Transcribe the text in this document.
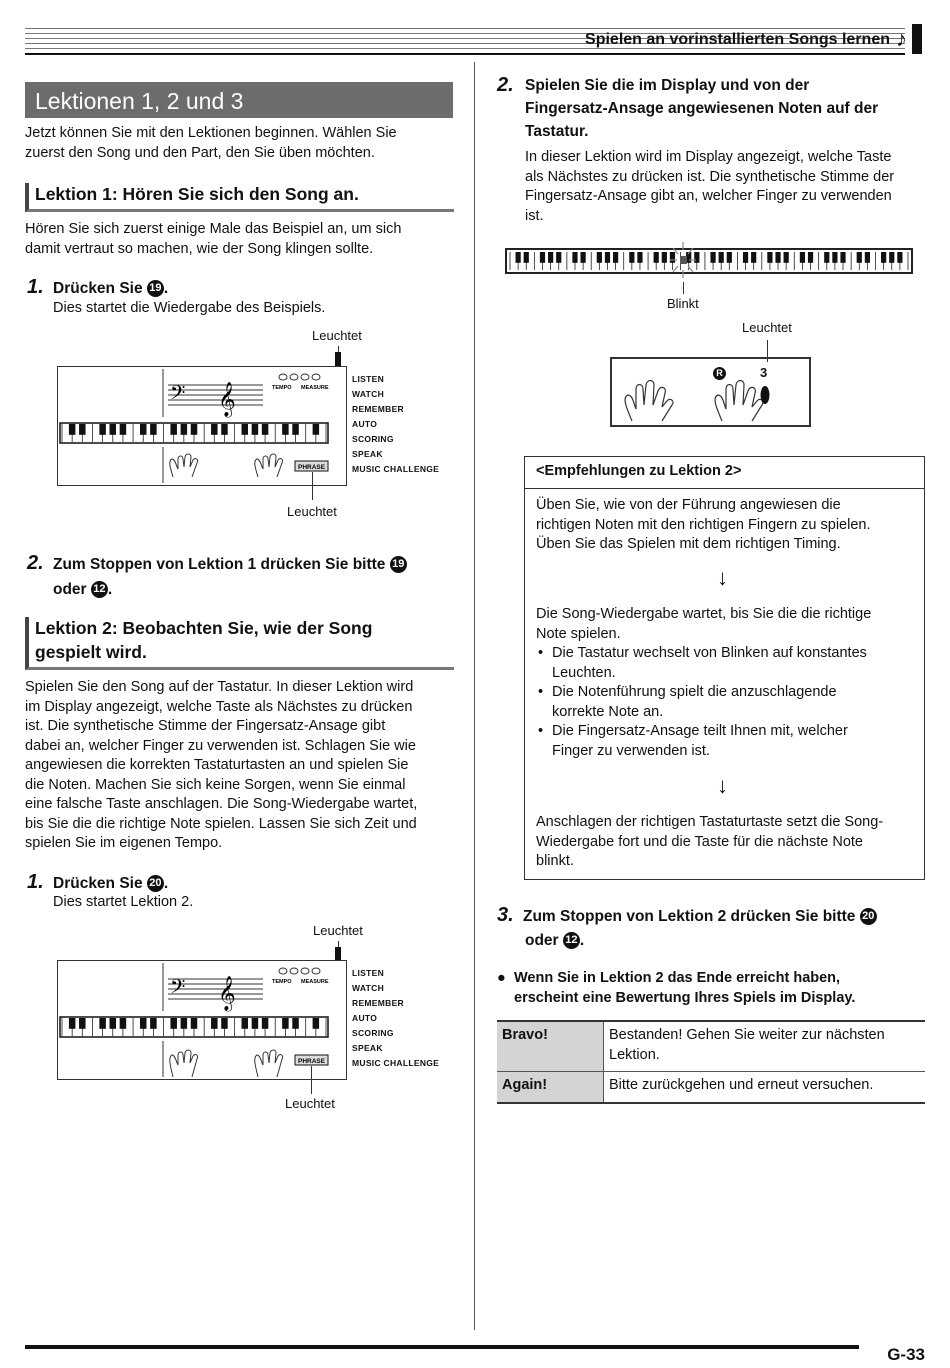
Spielen an vorinstallierten Songs lernen ♪
Lektionen 1, 2 und 3
Jetzt können Sie mit den Lektionen beginnen. Wählen Sie
zuerst den Song und den Part, den Sie üben möchten.
Lektion 1: Hören Sie sich den Song an.
Hören Sie sich zuerst einige Male das Beispiel an, um sich
damit vertraut so machen, wie der Song klingen sollte.
1. Drücken Sie 19 .
Dies startet die Wiedergabe des Beispiels.
Leuchtet
𝄢 𝄞	TEMPO MEASURE
PHRASE
LISTEN
WATCH
REMEMBER
AUTO
SCORING
SPEAK
MUSIC CHALLENGE
Leuchtet
2. Zum Stoppen von Lektion 1 drücken Sie bitte 19
oder 12 .
Lektion 2: Beobachten Sie, wie der Song
gespielt wird.
Spielen Sie den Song auf der Tastatur. In dieser Lektion wird
im Display angezeigt, welche Taste als Nächstes zu drücken
ist. Die synthetische Stimme der Fingersatz-Ansage gibt
dabei an, welcher Finger zu verwenden ist. Schlagen Sie wie
angewiesen die korrekten Tastaturtasten an und spielen Sie
die Noten. Machen Sie sich keine Sorgen, wenn Sie einmal
eine falsche Taste anschlagen. Die Song-Wiedergabe wartet,
bis Sie die die richtige Note spielen. Lassen Sie sich Zeit und
spielen Sie im eigenen Tempo.
1. Drücken Sie 20 .
Dies startet Lektion 2.
Leuchtet
𝄢 𝄞	TEMPO MEASURE
PHRASE
LISTEN
WATCH
REMEMBER
AUTO
SCORING
SPEAK
MUSIC CHALLENGE
Leuchtet
2. Spielen Sie die im Display und von der
Fingersatz-Ansage angewiesenen Noten auf der
Tastatur.
In dieser Lektion wird im Display angezeigt, welche Taste
als Nächstes zu drücken ist. Die synthetische Stimme der
Fingersatz-Ansage gibt an, welcher Finger zu verwenden
ist.
Blinkt
Leuchtet
R	3
<Empfehlungen zu Lektion 2>
Üben Sie, wie von der Führung angewiesen die
richtigen Noten mit den richtigen Fingern zu spielen.
Üben Sie das Spielen mit dem richtigen Timing.
↓
Die Song-Wiedergabe wartet, bis Sie die die richtige
Note spielen.
• Die Tastatur wechselt von Blinken auf konstantes
Leuchten.
• Die Notenführung spielt die anzuschlagende
korrekte Note an.
• Die Fingersatz-Ansage teilt Ihnen mit, welcher
Finger zu verwenden ist.
↓
Anschlagen der richtigen Tastaturtaste setzt die Song-
Wiedergabe fort und die Taste für die nächste Note
blinkt.
3. Zum Stoppen von Lektion 2 drücken Sie bitte 20
oder 12 .
● Wenn Sie in Lektion 2 das Ende erreicht haben,
erscheint eine Bewertung Ihres Spiels im Display.
Bravo!	Bestanden! Gehen Sie weiter zur nächsten
Lektion.

Again!	Bitte zurückgehen und erneut versuchen.
G-33
